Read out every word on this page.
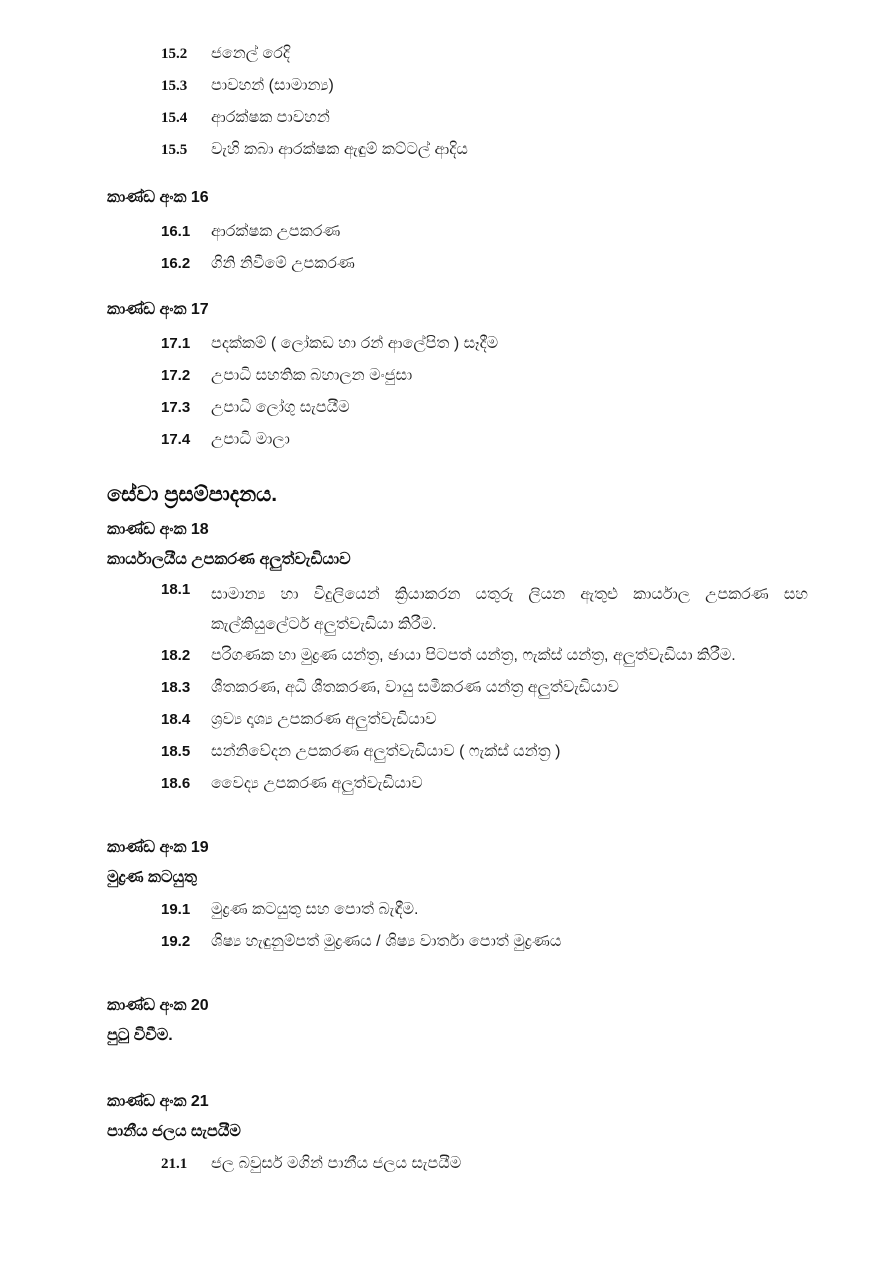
15.2	ජනෙල් රෙදි
15.3	පාවහන් (සාමාන්‍ය)
15.4	ආරක්ෂක පාවහන්
15.5	වැහි කබා ආරක්ෂක ඇඳුම් කට්ටල් ආදිය
කාණ්ඩ අංක 16
16.1	ආරක්ෂක උපකරණ
16.2	ගිනි නිවීමේ උපකරණ
කාණ්ඩ අංක 17
17.1	පදක්කම් ( ලෝකඩ හා රන් ආලේපිත ) සෑදීම
17.2	උපාධි සහතික බහාලන මංජුසා
17.3	උපාධි ලෝගු සැපයීම
17.4	උපාධි මාලා
සේවා ප්‍රසම්පාදනය.
කාණ්ඩ අංක 18
කාර්යාලයීය උපකරණ අලුත්වැඩියාව
18.1	සාමාන්‍ය හා විදුලියෙන් ක්‍රියාකරන යතුරු ලියන ඇතුළු කාර්යාල උපකරණ සහ කැල්කියුලේටර් අලුත්වැඩියා කිරීම.
18.2	පරිගණක හා මුද්‍රණ යන්ත්‍ර, ඡායා පිටපත් යන්ත්‍ර, ෆැක්ස් යන්ත්‍ර, අලුත්වැඩියා කිරීම.
18.3	ශීතකරණ, අධි ශීතකරණ, වායු සමීකරණ යන්ත්‍ර අලුත්වැඩියාව
18.4	ශ්‍රව්‍ය දෘශ්‍ය උපකරණ අලුත්වැඩියාව
18.5	සන්නිවේදන උපකරණ අලුත්වැඩියාව ( ෆැක්ස් යන්ත්‍ර )
18.6	වෛද්‍ය උපකරණ අලුත්වැඩියාව
කාණ්ඩ අංක 19
මුද්‍රණ කටයුතු
19.1	මුද්‍රණ කටයුතු සහ පොත් බැඳීම.
19.2	ශිෂ්‍ය හැඳුනුම්පත් මුද්‍රණය / ශිෂ්‍ය වාර්තා පොත් මුද්‍රණය
කාණ්ඩ අංක 20
පුටු විවීම.
කාණ්ඩ අංක 21
පානීය ජලය සැපයීම
21.1	ජල බවුසර් මගින් පානීය ජලය සැපයීම
